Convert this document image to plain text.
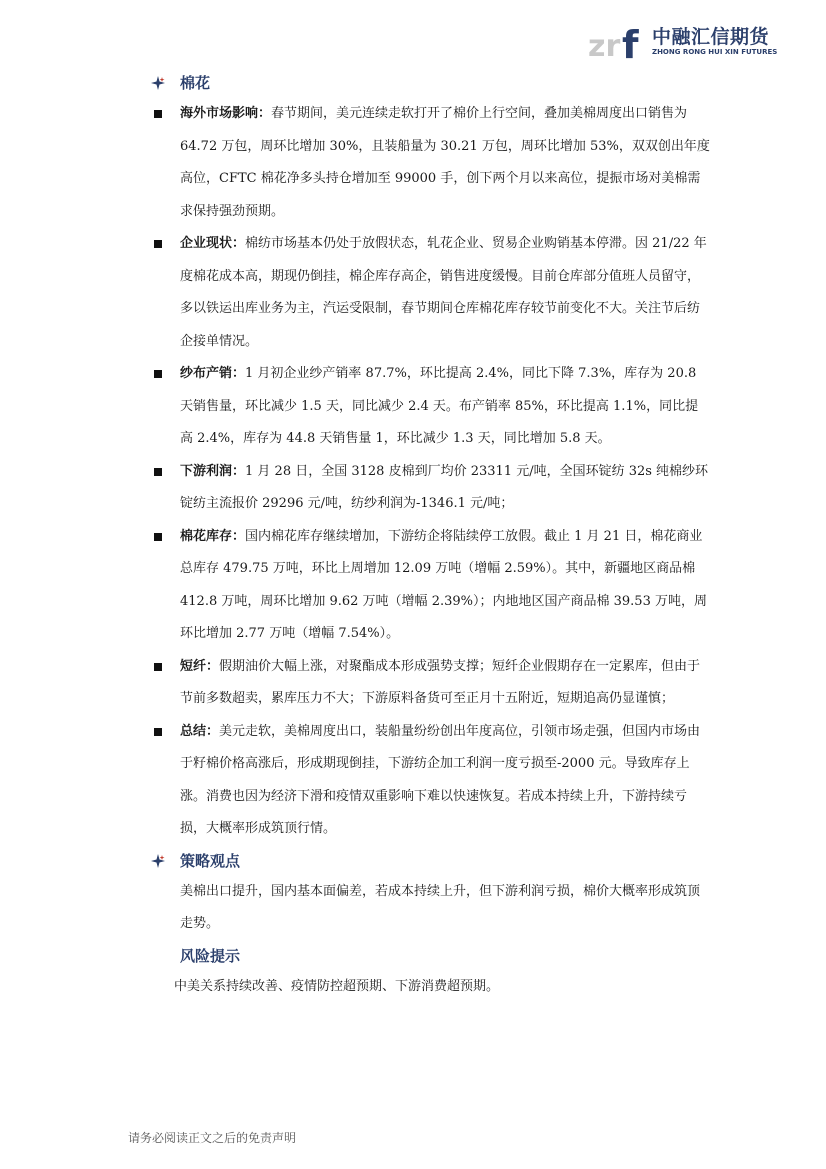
zr f 中融汇信期货
ZHONG RONG HUI XIN FUTURES
棉花
海外市场影响：春节期间，美元连续走软打开了棉价上行空间，叠加美棉周度出口销售为 64.72 万包，周环比增加 30%，且装船量为 30.21 万包，周环比增加 53%，双双创出年度高位，CFTC 棉花净多头持仓增加至 99000 手，创下两个月以来高位，提振市场对美棉需求保持强劲预期。
企业现状：棉纺市场基本仍处于放假状态，轧花企业、贸易企业购销基本停滞。因 21/22 年度棉花成本高，期现仍倒挂，棉企库存高企，销售进度缓慢。目前仓库部分值班人员留守，多以铁运出库业务为主，汽运受限制，春节期间仓库棉花库存较节前变化不大。关注节后纺企接单情况。
纱布产销：1 月初企业纱产销率 87.7%，环比提高 2.4%，同比下降 7.3%，库存为 20.8 天销售量，环比减少 1.5 天，同比减少 2.4 天。布产销率 85%，环比提高 1.1%，同比提高 2.4%，库存为 44.8 天销售量 1，环比减少 1.3 天，同比增加 5.8 天。
下游利润：1 月 28 日，全国 3128 皮棉到厂均价 23311 元/吨，全国环锭纺 32s 纯棉纱环锭纺主流报价 29296 元/吨，纺纱利润为-1346.1 元/吨；
棉花库存：国内棉花库存继续增加，下游纺企将陆续停工放假。截止 1 月 21 日，棉花商业总库存 479.75 万吨，环比上周增加 12.09 万吨（增幅 2.59%）。其中，新疆地区商品棉 412.8 万吨，周环比增加 9.62 万吨（增幅 2.39%）；内地地区国产商品棉 39.53 万吨，周环比增加 2.77 万吨（增幅 7.54%）。
短纤：假期油价大幅上涨，对聚酯成本形成强势支撑；短纤企业假期存在一定累库，但由于节前多数超卖，累库压力不大；下游原料备货可至正月十五附近，短期追高仍显谨慎；
总结：美元走软，美棉周度出口，装船量纷纷创出年度高位，引领市场走强，但国内市场由于籽棉价格高涨后，形成期现倒挂，下游纺企加工利润一度亏损至-2000 元。导致库存上涨。消费也因为经济下滑和疫情双重影响下难以快速恢复。若成本持续上升，下游持续亏损，大概率形成筑顶行情。
策略观点
美棉出口提升，国内基本面偏差，若成本持续上升，但下游利润亏损，棉价大概率形成筑顶走势。
风险提示
中美关系持续改善、疫情防控超预期、下游消费超预期。
请务必阅读正文之后的免责声明
